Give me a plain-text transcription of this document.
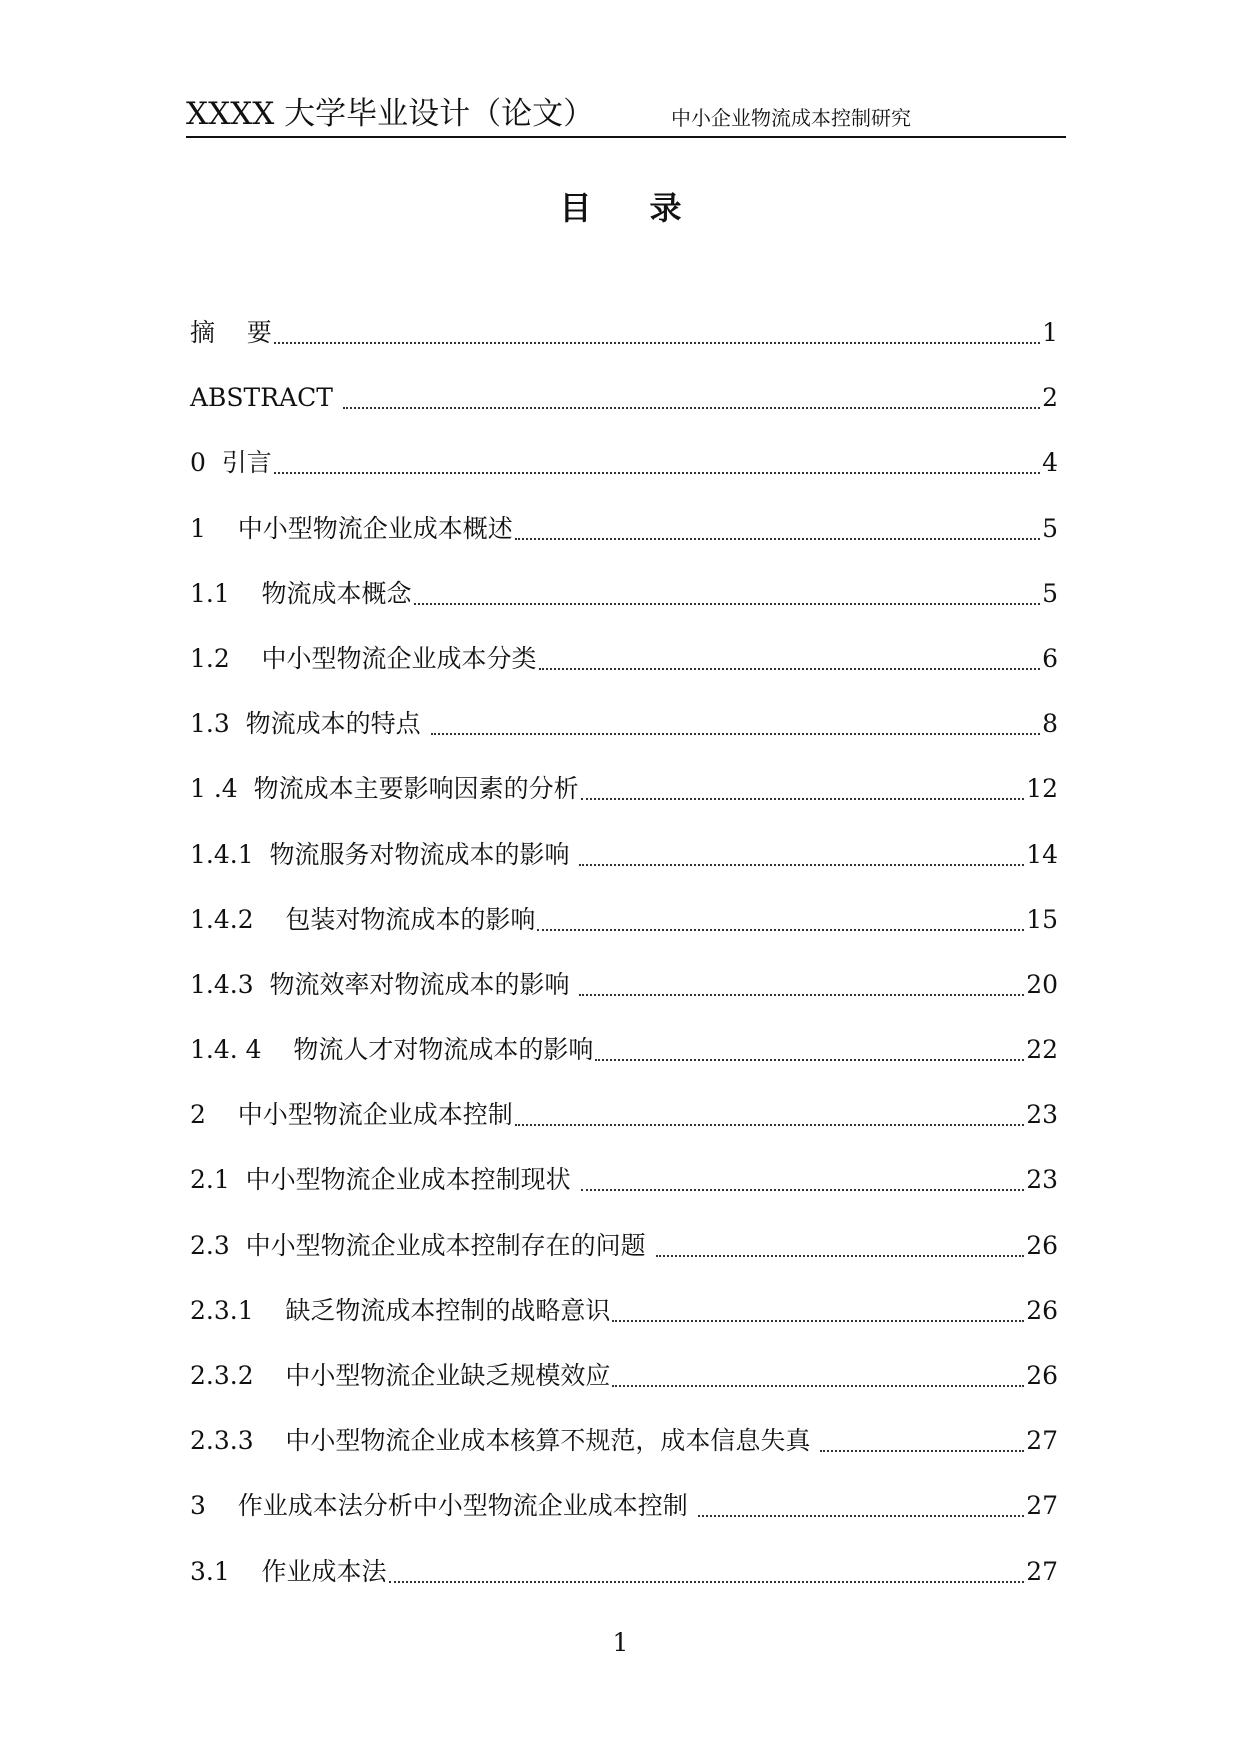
XXXX 大学毕业设计（论文）	中小企业物流成本控制研究
目录
摘    要	1
ABSTRACT	2
0  引言	4
1    中小型物流企业成本概述	5
1.1    物流成本概念	5
1.2    中小型物流企业成本分类	6
1.3  物流成本的特点	8
1 .4  物流成本主要影响因素的分析	12
1.4.1  物流服务对物流成本的影响	14
1.4.2    包装对物流成本的影响	15
1.4.3  物流效率对物流成本的影响	20
1.4. 4    物流人才对物流成本的影响	22
2    中小型物流企业成本控制	23
2.1  中小型物流企业成本控制现状	23
2.3  中小型物流企业成本控制存在的问题	26
2.3.1    缺乏物流成本控制的战略意识	26
2.3.2    中小型物流企业缺乏规模效应	26
2.3.3    中小型物流企业成本核算不规范，成本信息失真	27
3    作业成本法分析中小型物流企业成本控制	27
3.1    作业成本法	27
1
